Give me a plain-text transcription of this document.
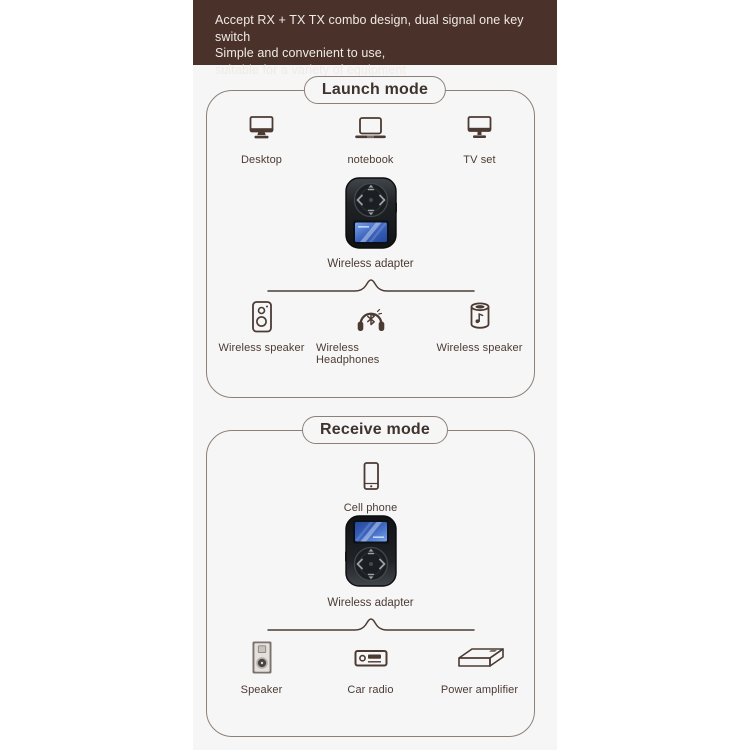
Accept RX + TX TX combo design, dual signal one key switch

Simple and convenient to use,

suitable for a variety of equipment

Launch mode
Desktop	notebook	TV set
Wireless adapter
Wireless speaker Wireless Headphones
Wireless speaker
Receive mode
Cell phone
Wireless adapter
Speaker	Car radio	Power amplifier
